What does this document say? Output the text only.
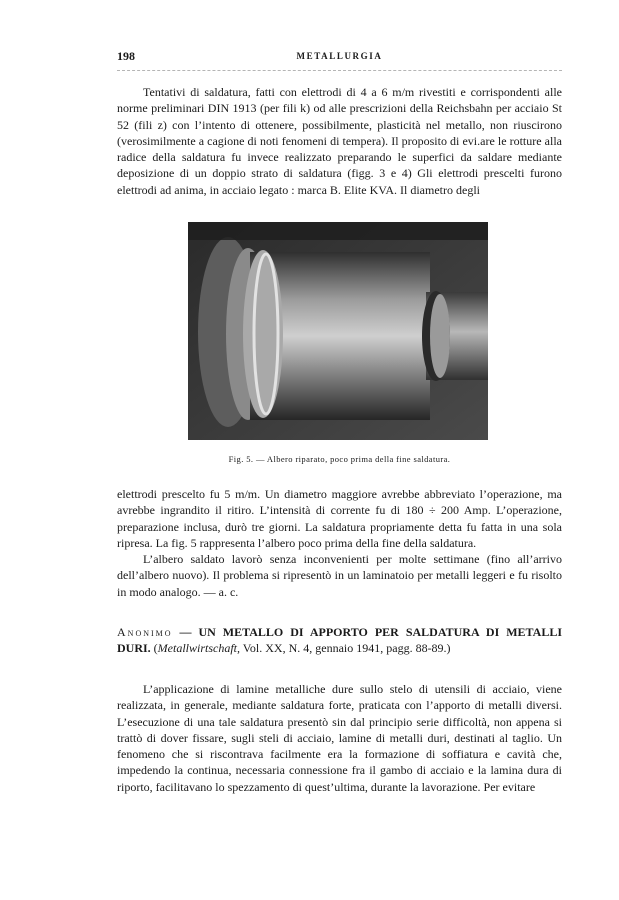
198	METALLURGIA

Tentativi di saldatura, fatti con elettrodi di 4 a 6 m/m rivestiti e corrispondenti alle norme preliminari DIN 1913 (per fili k) od alle prescrizioni della Reichsbahn per acciaio St 52 (fili z) con l’intento di ottenere, possibilmente, plasticità nel metallo, non riuscirono (verosimilmente a cagione di noti fenomeni di tempera). Il proposito di evi.are le rotture alla radice della saldatura fu invece realizzato preparando le superfici da saldare mediante deposizione di un doppio strato di saldatura (figg. 3 e 4) Gli elettrodi prescelti furono elettrodi ad anima, in acciaio legato : marca B. Elite KVA. Il diametro degli

Fig. 5. — Albero riparato, poco prima della fine saldatura.

elettrodi prescelto fu 5 m/m. Un diametro maggiore avrebbe abbreviato l’operazione, ma avrebbe ingrandito il ritiro. L’intensità di corrente fu di 180 ÷ 200 Amp. L’operazione, preparazione inclusa, durò tre giorni. La saldatura propriamente detta fu fatta in una sola ripresa. La fig. 5 rappresenta l’albero poco prima della fine della saldatura.

L’albero saldato lavorò senza inconvenienti per molte settimane (fino all’arrivo dell’albero nuovo). Il problema si ripresentò in un laminatoio per metalli leggeri e fu risolto in modo analogo. — a. c.

Anonimo — UN METALLO DI APPORTO PER SALDATURA DI METALLI DURI. (Metallwirtschaft, Vol. XX, N. 4, gennaio 1941, pagg. 88-89.)

L’applicazione di lamine metalliche dure sullo stelo di utensili di acciaio, viene realizzata, in generale, mediante saldatura forte, praticata con l’apporto di metalli diversi. L’esecuzione di una tale saldatura presentò sin dal principio serie difficoltà, non appena si trattò di dover fissare, sugli steli di acciaio, lamine di metalli duri, destinati al taglio. Un fenomeno che si riscontrava facilmente era la formazione di soffiatura e cavità che, impedendo la continua, necessaria connessione fra il gambo di acciaio e la lamina dura di riporto, facilitavano lo spezzamento di quest’ultima, durante la lavorazione. Per evitare
